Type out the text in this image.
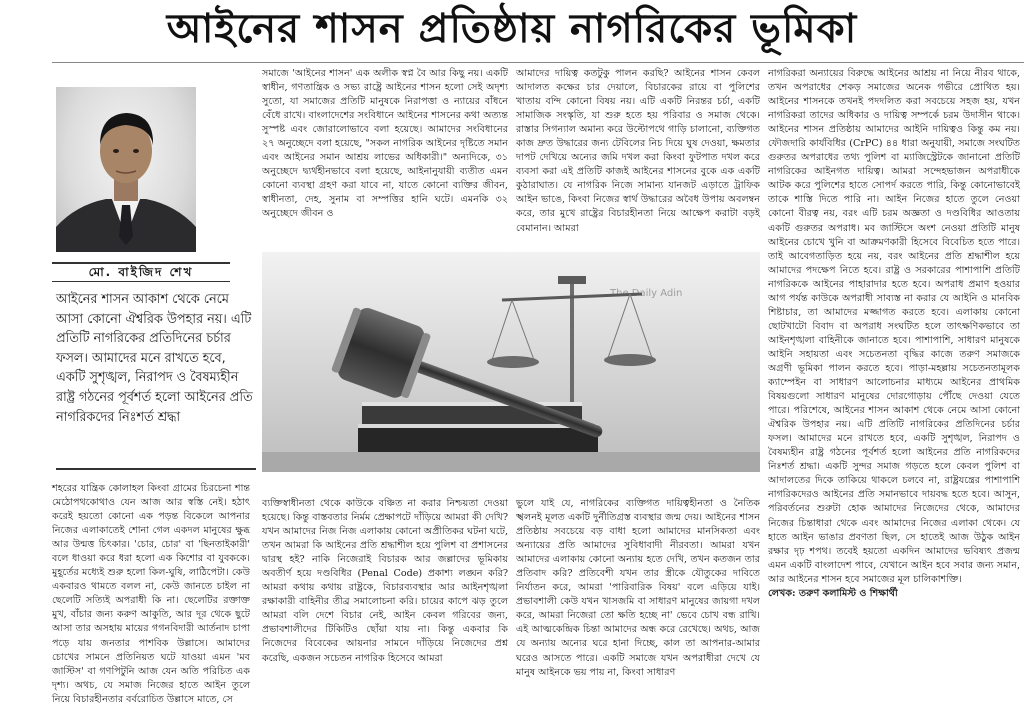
আইনের শাসন প্রতিষ্ঠায় নাগরিকের ভূমিকা
মো. বাইজিদ শেখ
আইনের শাসন আকাশ থেকে নেমে আসা কোনো ঐশ্বরিক উপহার নয়। এটি প্রতিটি নাগরিকের প্রতিদিনের চর্চার ফসল। আমাদের মনে রাখতে হবে, একটি সুশৃঙ্খল, নিরাপদ ও বৈষম্যহীন রাষ্ট্র গঠনের পূর্বশর্ত হলো আইনের প্রতি নাগরিকদের নিঃশর্ত শ্রদ্ধা

শহরের যান্ত্রিক কোলাহল কিংবা গ্রামের চিরচেনা শান্ত মেঠোপথকোথাও যেন আজ আর স্বস্তি নেই। হঠাৎ করেই হয়তো কোনো এক পড়ন্ত বিকেলে আপনার নিজের এলাকাতেই শোনা গেল একদল মানুষের ক্ষুব্ধ আর উন্মত্ত চিৎকার। 'চোর, চোর' বা 'ছিনতাইকারী' বলে ধাওয়া করে ধরা হলো এক কিশোর বা যুবককে। মুহূর্তের মধ্যেই শুরু হলো কিল-ঘুষি, লাঠিপেটা। কেউ একবারও থামতে বলল না, কেউ জানতে চাইল না ছেলেটি সত্যিই অপরাধী কি না। ছেলেটির রক্তাক্ত মুখ, বাঁচার জন্য করুণ আকুতি, আর দূর থেকে ছুটে আসা তার অসহায় মায়ের গগনবিদারী আর্তনাদ চাপা পড়ে যায় জনতার পাশবিক উল্লাসে। আমাদের চোখের সামনে প্রতিনিয়ত ঘটে যাওয়া এমন 'মব জাস্টিস' বা গণপিটুনি আজ যেন অতি পরিচিত এক দৃশ্য। অথচ, যে সমাজ নিজের হাতে আইন তুলে নিয়ে বিচারহীনতার বর্বরোচিত উল্লাসে মাতে, সে

সমাজে 'আইনের শাসন' এক অলীক স্বপ্ন বৈ আর কিছু নয়। একটি স্বাধীন, গণতান্ত্রিক ও সভ্য রাষ্ট্রে আইনের শাসন হলো সেই অদৃশ্য সুতো, যা সমাজের প্রতিটি মানুষকে নিরাপত্তা ও ন্যায়ের বাঁধনে বেঁধে রাখে। বাংলাদেশের সংবিধানে আইনের শাসনের কথা অত্যন্ত সুস্পষ্ট এবং জোরালোভাবে বলা হয়েছে। আমাদের সংবিধানের ২৭ অনুচ্ছেদে বলা হয়েছে, "সকল নাগরিক আইনের দৃষ্টিতে সমান এবং আইনের সমান আশ্রয় লাভের অধিকারী।" অন্যদিকে, ৩১ অনুচ্ছেদে দ্ব্যর্থহীনভাবে বলা হয়েছে, আইনানুযায়ী ব্যতীত এমন কোনো ব্যবস্থা গ্রহণ করা যাবে না, যাতে কোনো ব্যক্তির জীবন, স্বাধীনতা, দেহ, সুনাম বা সম্পত্তির হানি ঘটে। এমনকি ৩২ অনুচ্ছেদে জীবন ও

আমাদের দায়িত্ব কতটুকু পালন করছি? আইনের শাসন কেবল আদালত কক্ষের চার দেয়ালে, বিচারকের রায়ে বা পুলিশের খাতায় বন্দি কোনো বিষয় নয়। এটি একটি নিরন্তর চর্চা, একটি সামাজিক সংস্কৃতি, যা শুরু হতে হয় পরিবার ও সমাজ থেকে। রাস্তার সিগন্যাল অমান্য করে উল্টোপথে গাড়ি চালানো, ব্যক্তিগত কাজ দ্রুত উদ্ধারের জন্য টেবিলের নিচ দিয়ে ঘুষ দেওয়া, ক্ষমতার দাপট দেখিয়ে অন্যের জমি দখল করা কিংবা ফুটপাত দখল করে ব্যবসা করা এই প্রতিটি কাজই আইনের শাসনের বুকে এক একটি কুঠারাঘাত। যে নাগরিক নিজে সামান্য যানজট এড়াতে ট্রাফিক আইন ভাঙে, কিংবা নিজের স্বার্থ উদ্ধারের অবৈধ উপায় অবলম্বন করে, তার মুখে রাষ্ট্রের বিচারহীনতা নিয়ে আক্ষেপ করাটা বড়ই বেমানান। আমরা

The Daily Adin

ব্যক্তিস্বাধীনতা থেকে কাউকে বঞ্চিত না করার নিশ্চয়তা দেওয়া হয়েছে। কিন্তু বাস্তবতার নির্মম প্রেক্ষাপটে দাঁড়িয়ে আমরা কী দেখি? যখন আমাদের নিজ নিজ এলাকায় কোনো অপ্রীতিকর ঘটনা ঘটে, তখন আমরা কি আইনের প্রতি শ্রদ্ধাশীল হয়ে পুলিশ বা প্রশাসনের দ্বারস্থ হই? নাকি নিজেরাই বিচারক আর জল্লাদের ভূমিকায় অবতীর্ণ হয়ে দণ্ডবিধির (Penal Code) প্রকাশ্য লঙ্ঘন করি? আমরা কথায় কথায় রাষ্ট্রকে, বিচারব্যবস্থার আর আইনশৃঙ্খলা রক্ষাকারী বাহিনীর তীব্র সমালোচনা করি। চায়ের কাপে ঝড় তুলে আমরা বলি দেশে বিচার নেই, আইন কেবল গরিবের জন্য, প্রভাবশালীদের টিকিটিও ছোঁয়া যায় না। কিন্তু একবার কি নিজেদের বিবেকের আয়নার সামনে দাঁড়িয়ে নিজেদের প্রশ্ন করেছি, একজন সচেতন নাগরিক হিসেবে আমরা

ভুলে যাই যে, নাগরিকের ব্যক্তিগত দায়িত্বহীনতা ও নৈতিক স্খলনই মূলত একটি দুর্নীতিগ্রস্ত ব্যবস্থার জন্ম দেয়। আইনের শাসন প্রতিষ্ঠায় সবচেয়ে বড় বাধা হলো আমাদের মানসিকতা এবং অন্যায়ের প্রতি আমাদের সুবিধাবাদী নীরবতা। আমরা যখন আমাদের এলাকায় কোনো অন্যায় হতে দেখি, তখন কতজন তার প্রতিবাদ করি? প্রতিবেশী যখন তার স্ত্রীকে যৌতুকের দাবিতে নির্যাতন করে, আমরা 'পারিবারিক বিষয়' বলে এড়িয়ে যাই। প্রভাবশালী কেউ যখন খাসজমি বা সাধারণ মানুষের জায়গা দখল করে, আমরা নিজেরা তো ক্ষতি হচ্ছে না' ভেবে চোখ বন্ধ রাখি। এই আত্মকেন্দ্রিক চিন্তা আমাদের অন্ধ করে রেখেছে। অথচ, আজ যে অন্যায় অন্যের ঘরে হানা দিচ্ছে, কাল তা আপনার-আমার ঘরেও আসতে পারে। একটি সমাজে যখন অপরাধীরা দেখে যে মানুষ আইনকে ভয় পায় না, কিংবা সাধারণ

নাগরিকরা অন্যায়ের বিরুদ্ধে আইনের আশ্রয় না নিয়ে নীরব থাকে, তখন অপরাধের শেকড় সমাজের অনেক গভীরে প্রোথিত হয়। আইনের শাসনকে তখনই পদদলিত করা সবচেয়ে সহজ হয়, যখন নাগরিকরা তাদের অধিকার ও দায়িত্ব সম্পর্কে চরম উদাসীন থাকে। আইনের শাসন প্রতিষ্ঠায় আমাদের আইনি দায়িত্বও কিন্তু কম নয়। ফৌজদারি কার্যবিধির (CrPC) ৪৪ ধারা অনুযায়ী, সমাজে সংঘটিত গুরুতর অপরাধের তথ্য পুলিশ বা ম্যাজিস্ট্রেটকে জানানো প্রতিটি নাগরিকের আইনগত দায়িত্ব। আমরা সন্দেহভাজন অপরাধীকে আটক করে পুলিশের হাতে সোপর্দ করতে পারি, কিন্তু কোনোভাবেই তাকে শাস্তি দিতে পারি না। আইন নিজের হাতে তুলে নেওয়া কোনো বীরত্ব নয়, বরং এটি চরম অজ্ঞতা ও দণ্ডবিধির আওতায় একটি গুরুতর অপরাধ। মব জাস্টিসে অংশ নেওয়া প্রতিটি মানুষ আইনের চোখে খুনি বা আক্রমণকারী হিসেবে বিবেচিত হতে পারে। তাই আবেগতাড়িত হয়ে নয়, বরং আইনের প্রতি শ্রদ্ধাশীল হয়ে আমাদের পদক্ষেপ নিতে হবে। রাষ্ট্র ও সরকারের পাশাপাশি প্রতিটি নাগরিককে আইনের পাহারাদার হতে হবে। অপরাধ প্রমাণ হওয়ার আগ পর্যন্ত কাউকে অপরাধী সাব্যস্ত না করার যে আইনি ও মানবিক শিষ্টাচার, তা আমাদের মজ্জাগত করতে হবে। এলাকায় কোনো ছোটখাটো বিবাদ বা অপরাধ সংঘটিত হলে তাৎক্ষণিকভাবে তা আইনশৃঙ্খলা বাহিনীকে জানাতে হবে। পাশাপাশি, সাধারণ মানুষকে আইনি সহায়তা এবং সচেতনতা বৃদ্ধির কাজে তরুণ সমাজকে অগ্রণী ভূমিকা পালন করতে হবে। পাড়া-মহল্লায় সচেতনতামূলক ক্যাম্পেইন বা সাধারণ আলোচনার মাধ্যমে আইনের প্রাথমিক বিষয়গুলো সাধারণ মানুষের দোরগোড়ায় পৌঁছে দেওয়া যেতে পারে। পরিশেষে, আইনের শাসন আকাশ থেকে নেমে আসা কোনো ঐশ্বরিক উপহার নয়। এটি প্রতিটি নাগরিকের প্রতিদিনের চর্চার ফসল। আমাদের মনে রাখতে হবে, একটি সুশৃঙ্খল, নিরাপদ ও বৈষম্যহীন রাষ্ট্র গঠনের পূর্বশর্ত হলো আইনের প্রতি নাগরিকদের নিঃশর্ত শ্রদ্ধা। একটি সুন্দর সমাজ গড়তে হলে কেবল পুলিশ বা আদালতের দিকে তাকিয়ে থাকলে চলবে না, রাষ্ট্রযন্ত্রের পাশাপাশি নাগরিকদেরও আইনের প্রতি সমানভাবে দায়বদ্ধ হতে হবে। আসুন, পরিবর্তনের শুরুটা হোক আমাদের নিজেদের থেকে, আমাদের নিজের চিন্তাধারা থেকে এবং আমাদের নিজের এলাকা থেকে। যে হাতে আইন ভাঙার প্রবণতা ছিল, সে হাতেই আজ উঠুক আইন রক্ষার দৃঢ় শপথ। তবেই হয়তো একদিন আমাদের ভবিষ্যৎ প্রজন্ম এমন একটি বাংলাদেশ পাবে, যেখানে আইন হবে সবার জন্য সমান, আর আইনের শাসন হবে সমাজের মূল চালিকাশক্তি।

লেখক: তরুণ কলামিস্ট ও শিক্ষার্থী
